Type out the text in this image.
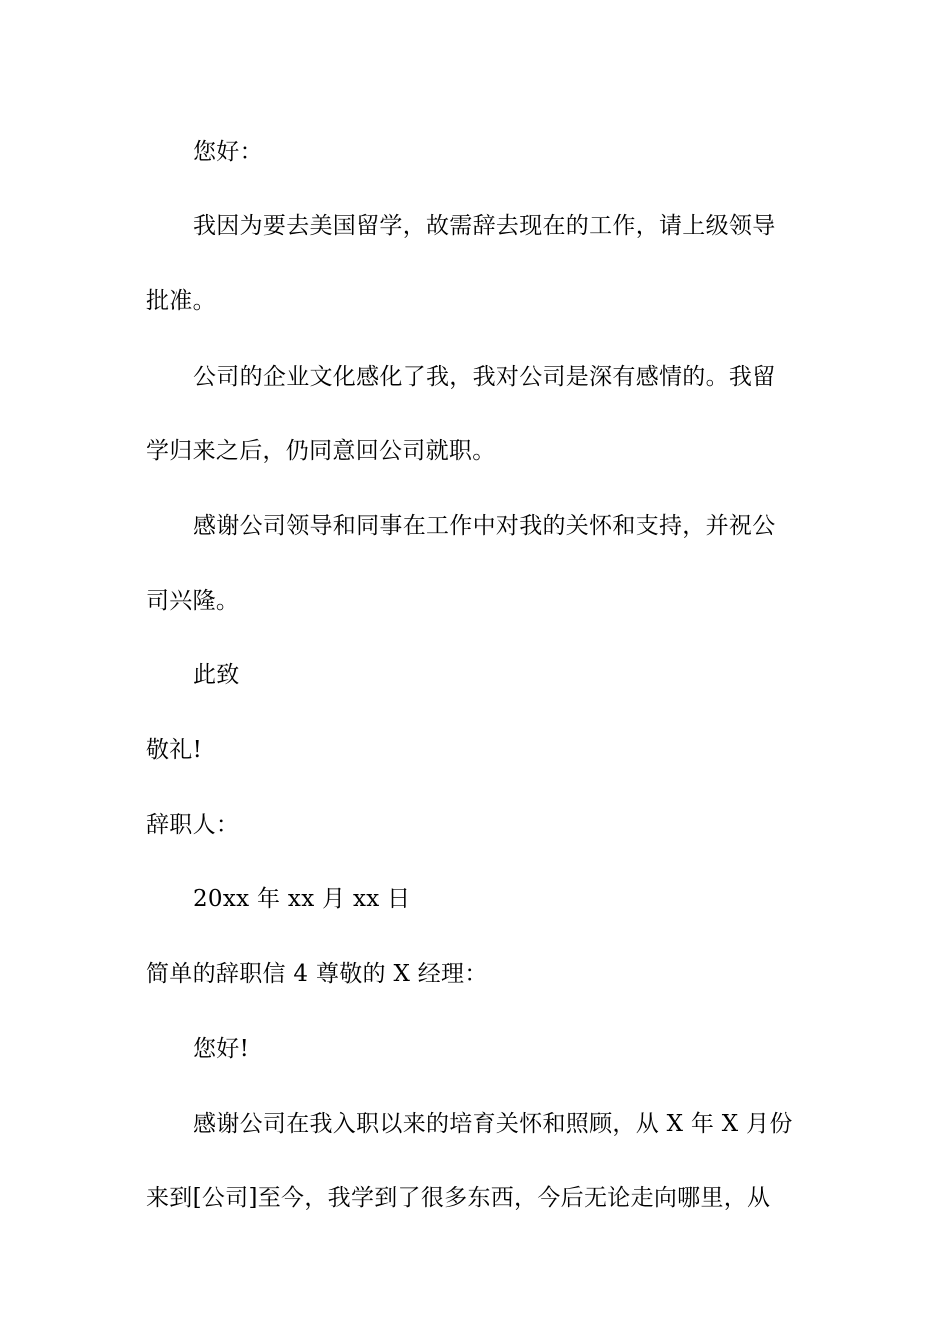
您好：
我因为要去美国留学，故需辞去现在的工作，请上级领导
批准。
公司的企业文化感化了我，我对公司是深有感情的。我留
学归来之后，仍同意回公司就职。
感谢公司领导和同事在工作中对我的关怀和支持，并祝公
司兴隆。
此致
敬礼!
辞职人：
20xx 年 xx 月 xx 日
简单的辞职信 4 尊敬的 X 经理：
您好!
感谢公司在我入职以来的培育关怀和照顾，从 X 年 X 月份
来到[公司]至今，我学到了很多东西，今后无论走向哪里，从
